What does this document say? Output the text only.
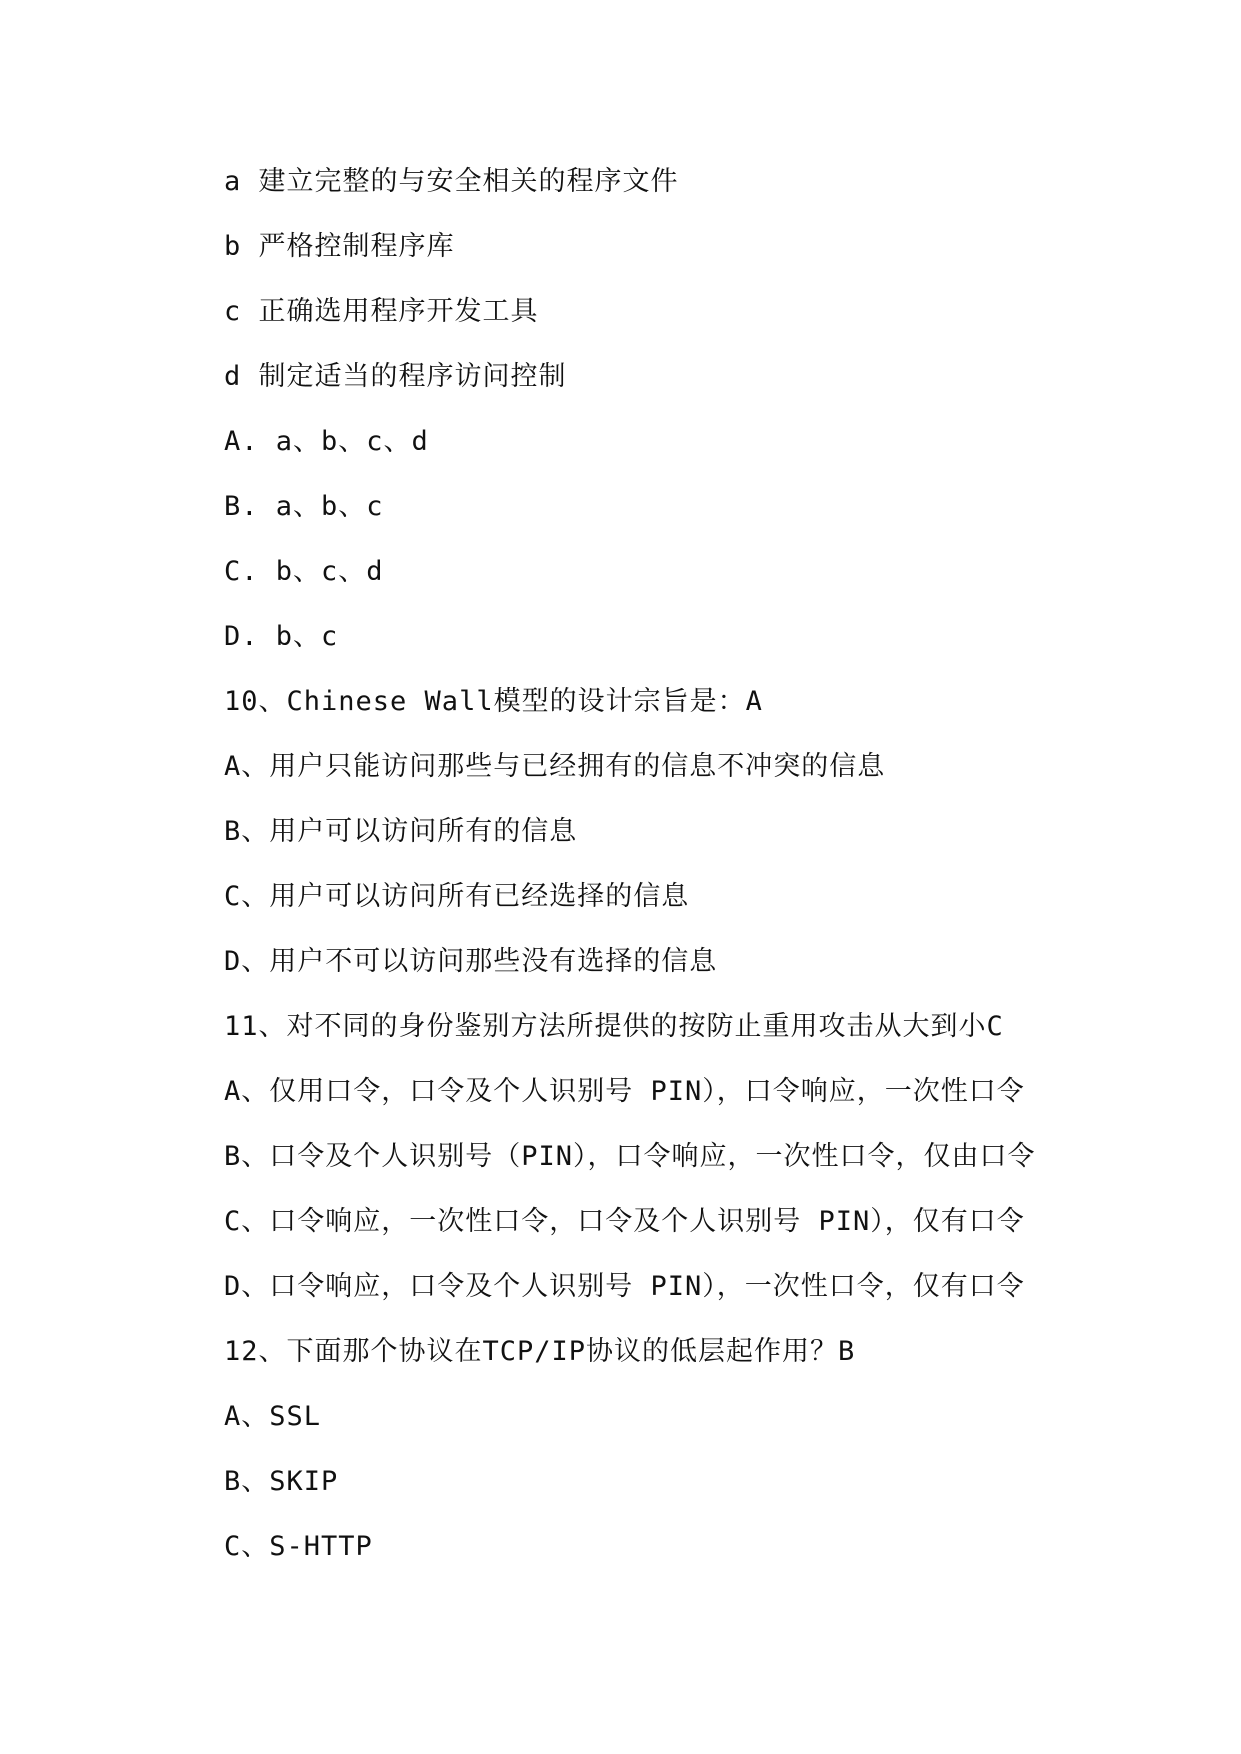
a 建立完整的与安全相关的程序文件
b 严格控制程序库
c 正确选用程序开发工具
d 制定适当的程序访问控制
A. a、b、c、d
B. a、b、c
C. b、c、d
D. b、c
10、Chinese Wall模型的设计宗旨是：A
A、用户只能访问那些与已经拥有的信息不冲突的信息
B、用户可以访问所有的信息
C、用户可以访问所有已经选择的信息
D、用户不可以访问那些没有选择的信息
11、对不同的身份鉴别方法所提供的按防止重用攻击从大到小C
A、仅用口令，口令及个人识别号 PIN），口令响应，一次性口令
B、口令及个人识别号（PIN），口令响应，一次性口令，仅由口令
C、口令响应，一次性口令，口令及个人识别号 PIN），仅有口令
D、口令响应，口令及个人识别号 PIN），一次性口令，仅有口令
12、下面那个协议在TCP/IP协议的低层起作用？B
A、SSL
B、SKIP
C、S-HTTP
